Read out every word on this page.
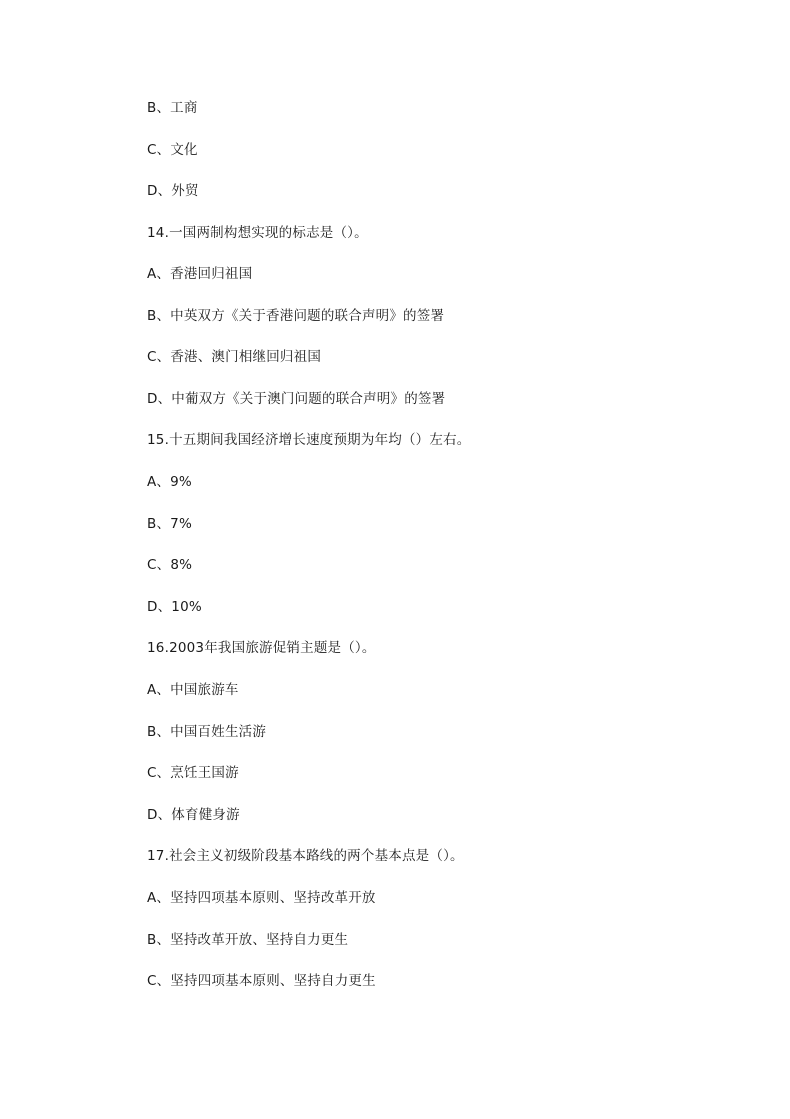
B、工商
C、文化
D、外贸
14.一国两制构想实现的标志是（）。
A、香港回归祖国
B、中英双方《关于香港问题的联合声明》的签署
C、香港、澳门相继回归祖国
D、中葡双方《关于澳门问题的联合声明》的签署
15.十五期间我国经济增长速度预期为年均（）左右。
A、9%
B、7%
C、8%
D、10%
16.2003年我国旅游促销主题是（）。
A、中国旅游车
B、中国百姓生活游
C、烹饪王国游
D、体育健身游
17.社会主义初级阶段基本路线的两个基本点是（）。
A、坚持四项基本原则、坚持改革开放
B、坚持改革开放、坚持自力更生
C、坚持四项基本原则、坚持自力更生
